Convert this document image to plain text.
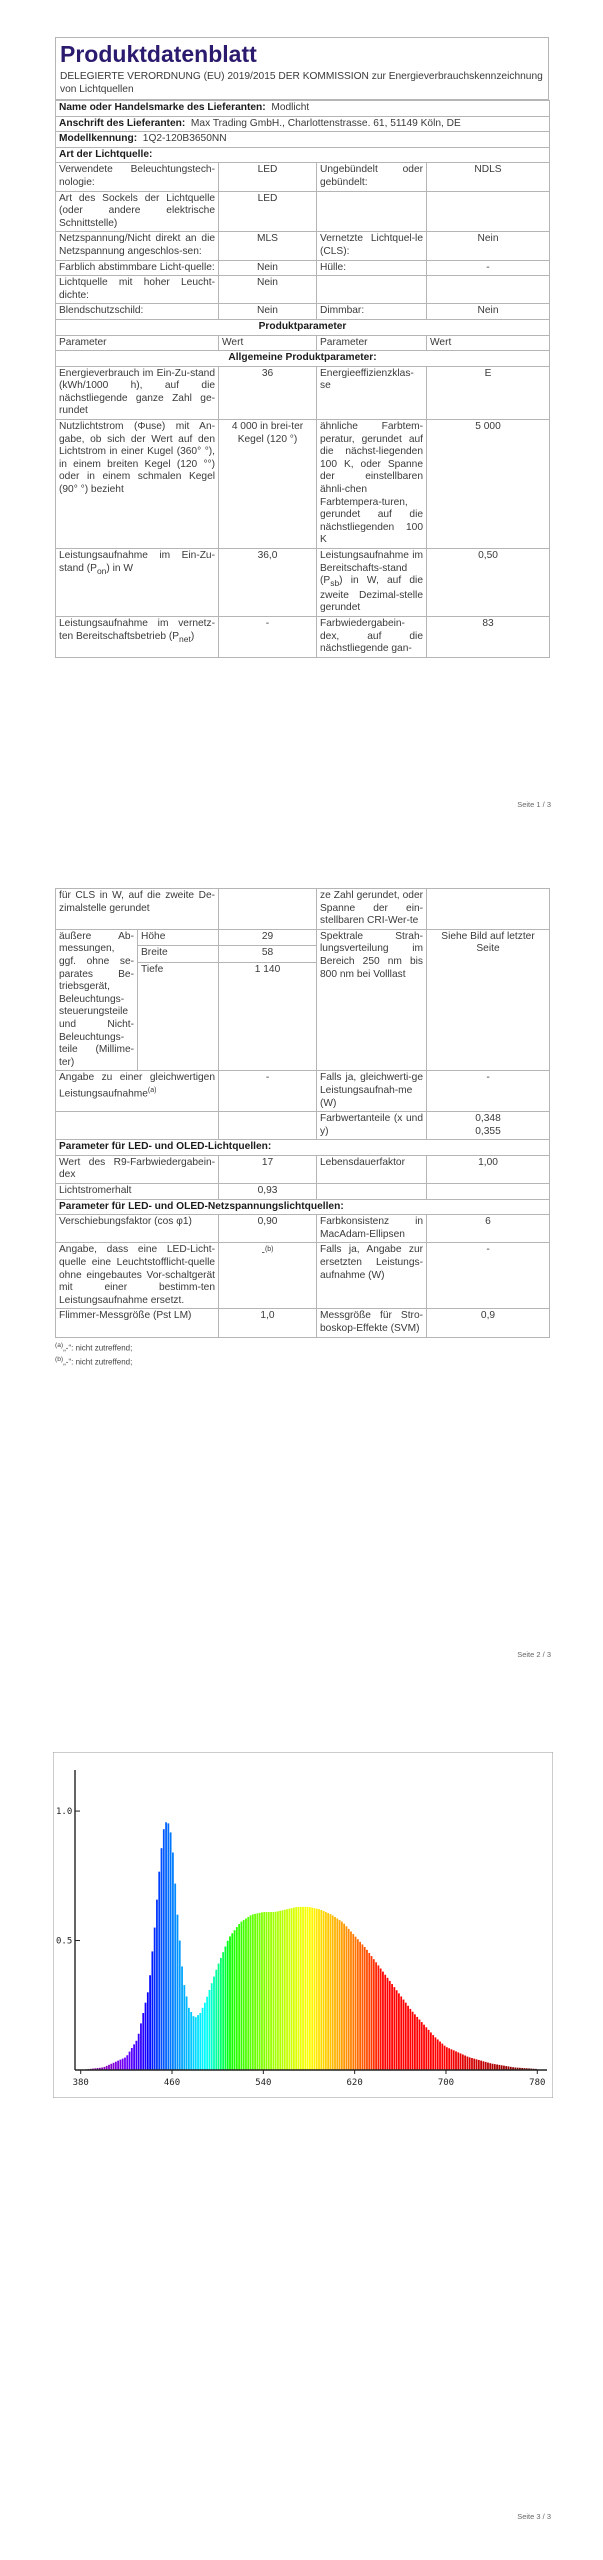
Produktdatenblatt
DELEGIERTE VERORDNUNG (EU) 2019/2015 DER KOMMISSION zur Energieverbrauchskennzeichnung von Lichtquellen
Name oder Handelsmarke des Lieferanten: Modlicht			
Anschrift des Lieferanten: Max Trading GmbH., Charlottenstrasse. 61, 51149 Köln, DE			
Modellkennung: 1Q2-120B3650NN			
Art der Lichtquelle:			
Verwendete Beleuchtungstech-nologie:	LED	Ungebündelt oder gebündelt:	NDLS
Art des Sockels der Lichtquelle (oder andere elektrische Schnittstelle)	LED		
Netzspannung/Nicht direkt an die Netzspannung angeschlos-sen:	MLS	Vernetzte Lichtquel-le (CLS):	Nein
Farblich abstimmbare Licht-quelle:	Nein	Hülle:	-
Lichtquelle mit hoher Leucht-dichte:	Nein		
Blendschutzschild:	Nein	Dimmbar:	Nein
Produktparameter			
Parameter	Wert	Parameter	Wert
Allgemeine Produktparameter:			
Energieverbrauch im Ein-Zu-stand (kWh/1000 h), auf die nächstliegende ganze Zahl ge-rundet	36	Energieeffizienzklas-se	E
Nutzlichtstrom (Φuse) mit An-gabe, ob sich der Wert auf den Lichtstrom in einer Kugel (360° °), in einem breiten Kegel (120 °°) oder in einem schmalen Kegel (90° °) bezieht	4 000 in brei-ter Kegel (120 °)	ähnliche Farbtem-peratur, gerundet auf die nächst-liegenden 100 K, oder Spanne der einstellbaren ähnli-chen Farbtempera-turen, gerundet auf die nächstliegenden 100 K	5 000
Leistungsaufnahme im Ein-Zu-stand $(P_{on})$ in W	36,0	Leistungsaufnahme im Bereitschafts-stand $(P_{sb})$ in W, auf die zweite Dezimal-stelle gerundet	0,50
Leistungsaufnahme im vernetz-ten Bereitschaftsbetrieb $(P_{net})$	-	Farbwiedergabein-dex, auf die nächstliegende gan-	83
Seite 1 / 3
für CLS in W, auf die zweite De-zimalstelle gerundet			ze Zahl gerundet, oder Spanne der ein-stellbaren CRI-Wer-te	
äußere Ab-messungen, ggf. ohne se-parates Be-triebsgerät, Beleuchtungs-steuerungsteile und Nicht-Beleuchtungs-teile (Millime-ter)	Höhe	29	Spektrale Strah-lungsverteilung im Bereich 250 nm bis 800 nm bei Volllast	Siehe Bild auf letzter Seite
	Breite	58		
	Tiefe	1 140		

Angabe zu einer gleichwertigen Leistungsaufnahme$^{(a)}$		-	Falls ja, gleichwerti-ge Leistungsaufnah-me (W)	-
			Farbwertanteile (x und y)	0,348
0,355

Parameter für LED- und OLED-Lichtquellen:				
Wert des R9-Farbwiedergabein-dex		17	Lebensdauerfaktor	1,00
Lichtstromerhalt		0,93		
Parameter für LED- und OLED-Netzspannungslichtquellen:				
Verschiebungsfaktor (cos φ1)		0,90	Farbkonsistenz in MacAdam-Ellipsen	6
Angabe, dass eine LED-Licht-quelle eine Leuchtstofflicht-quelle ohne eingebautes Vor-schaltgerät mit einer bestimm-ten Leistungsaufnahme ersetzt.		-$^{(b)}$	Falls ja, Angabe zur ersetzten Leistungs-aufnahme (W)	-
Flimmer-Messgröße (Pst LM)		1,0	Messgröße für Stro-boskop-Effekte (SVM)	0,9
$^{(a)}$„-“: nicht zutreffend;
$^{(b)}$„-“: nicht zutreffend;
Seite 2 / 3
380	460	540	620	700	780
0.5
1.0
Seite 3 / 3
